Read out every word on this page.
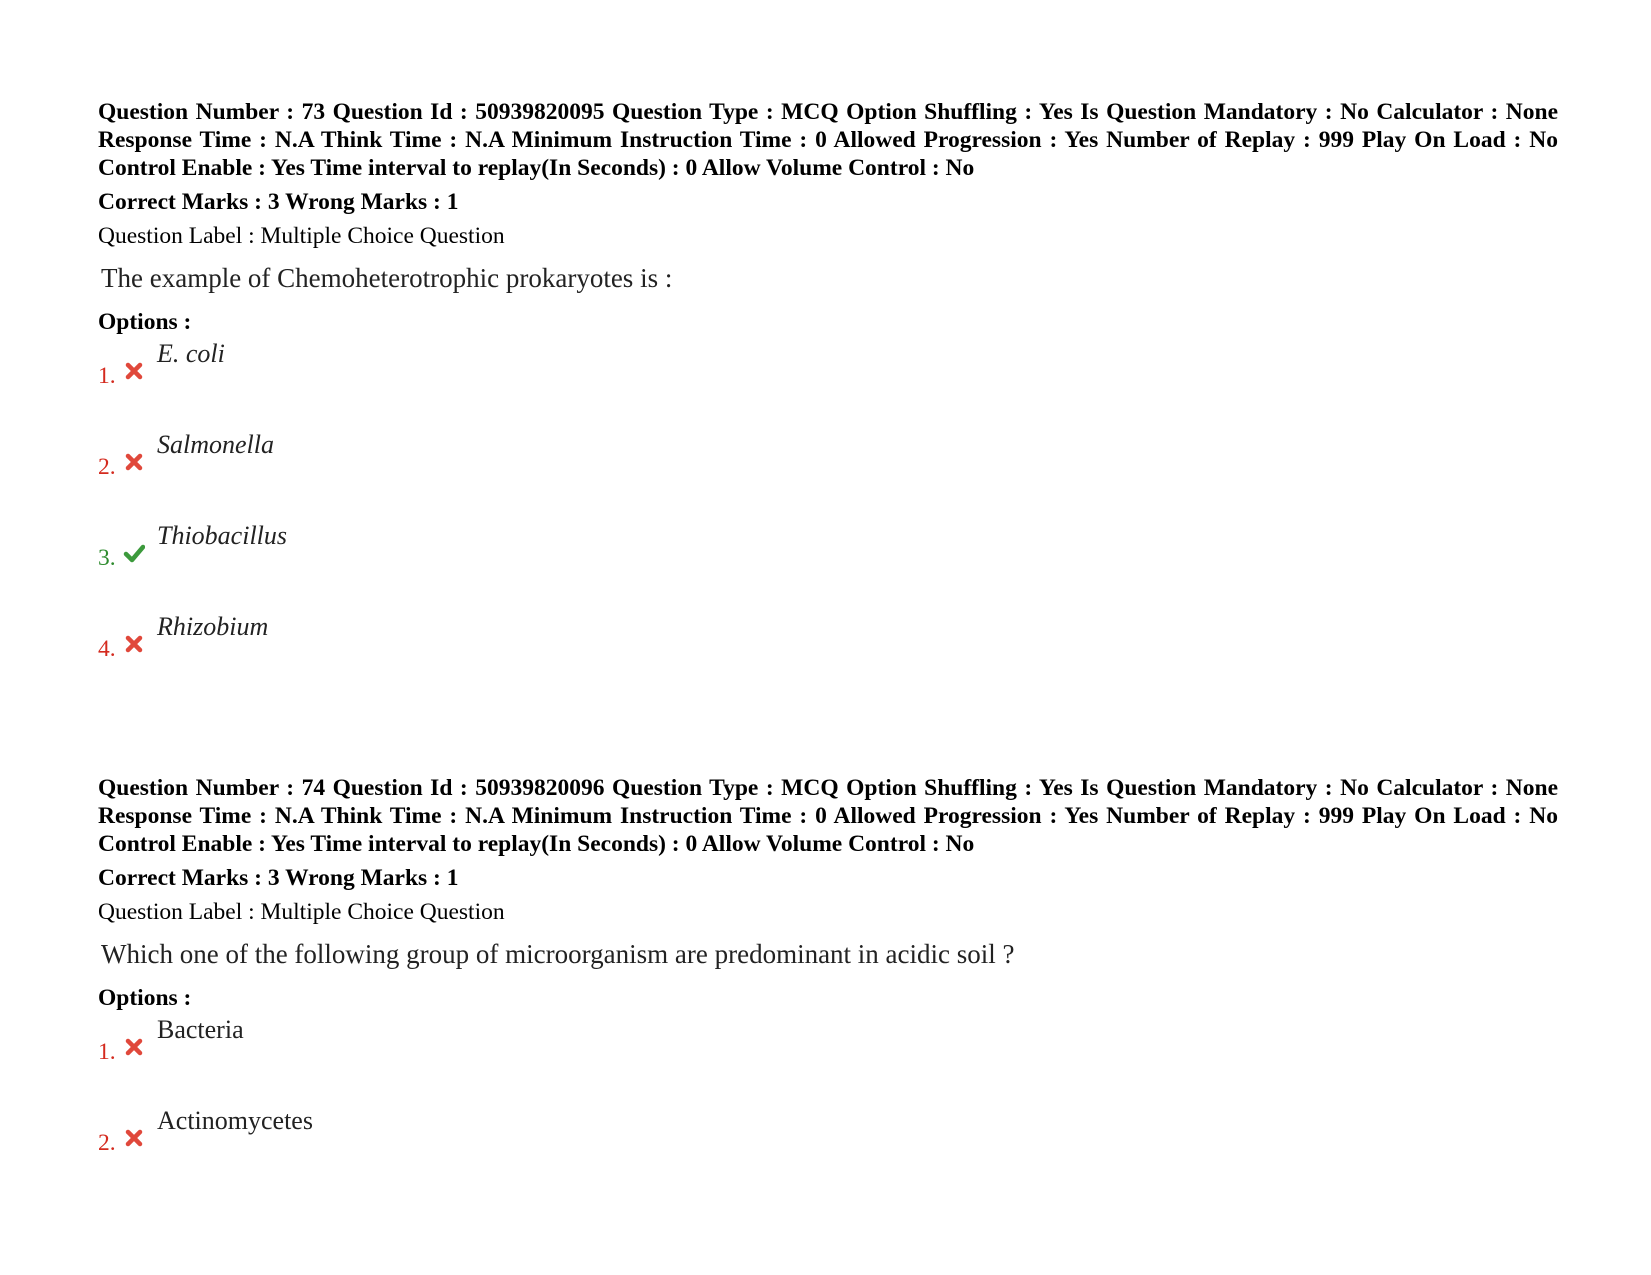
Question Number : 73 Question Id : 50939820095 Question Type : MCQ Option Shuffling : Yes Is Question Mandatory : No Calculator : None Response Time : N.A Think Time : N.A Minimum Instruction Time : 0 Allowed Progression : Yes Number of Replay : 999 Play On Load : No Control Enable : Yes Time interval to replay(In Seconds) : 0 Allow Volume Control : No

Correct Marks : 3 Wrong Marks : 1
Question Label : Multiple Choice Question
The example of Chemoheterotrophic prokaryotes is :
Options :
1.
E. coli
2.
Salmonella
3.
Thiobacillus
4.
Rhizobium

Question Number : 74 Question Id : 50939820096 Question Type : MCQ Option Shuffling : Yes Is Question Mandatory : No Calculator : None Response Time : N.A Think Time : N.A Minimum Instruction Time : 0 Allowed Progression : Yes Number of Replay : 999 Play On Load : No Control Enable : Yes Time interval to replay(In Seconds) : 0 Allow Volume Control : No

Correct Marks : 3 Wrong Marks : 1
Question Label : Multiple Choice Question
Which one of the following group of microorganism are predominant in acidic soil ?
Options :
1.
Bacteria
2.
Actinomycetes
